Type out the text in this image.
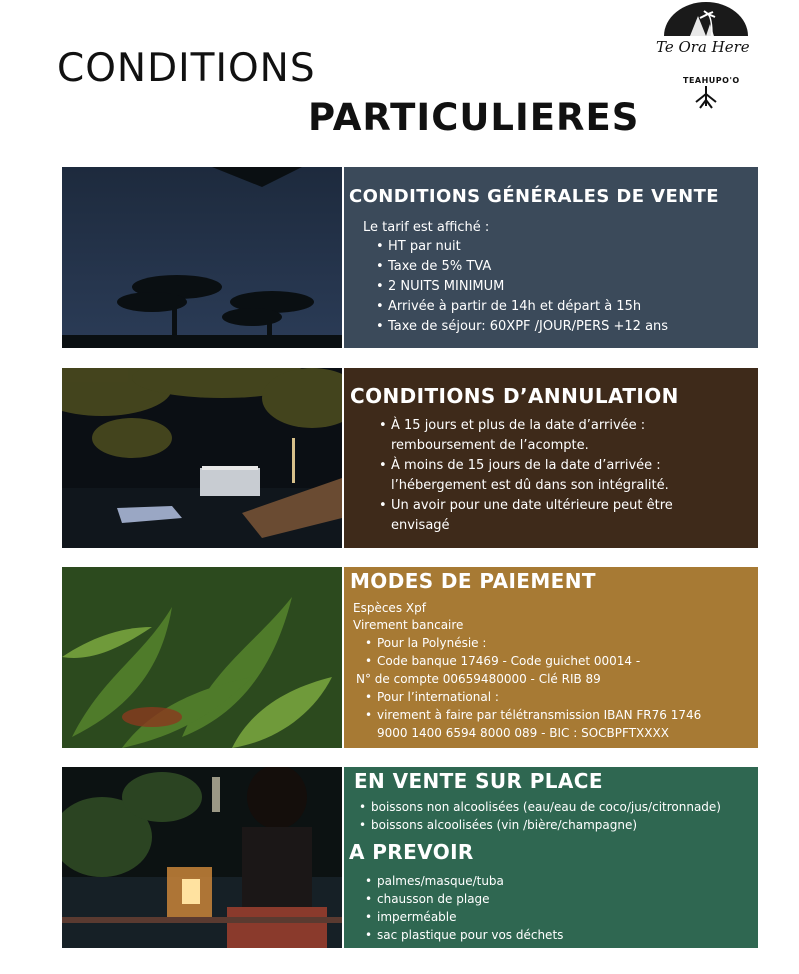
CONDITIONS
PARTICULIERES
Te Ora Here
TEAHUPO'O
CONDITIONS GÉNÉRALES DE VENTE
Le tarif est affiché :
• HT par nuit
• Taxe de 5% TVA
• 2 NUITS MINIMUM
• Arrivée à partir de 14h et départ à 15h
• Taxe de séjour: 60XPF /JOUR/PERS +12 ans
CONDITIONS D’ANNULATION
• À 15 jours et plus de la date d’arrivée : remboursement de l’acompte.
• À moins de 15 jours de la date d’arrivée : l’hébergement est dû dans son intégralité.
• Un avoir pour une date ultérieure peut être envisagé
MODES DE PAIEMENT
Espèces Xpf
Virement bancaire
• Pour la Polynésie :
• Code banque 17469 - Code guichet 00014 -
N° de compte 00659480000 - Clé RIB 89
• Pour l’international :
• virement à faire par télétransmission IBAN FR76 1746 9000 1400 6594 8000 089 - BIC : SOCBPFTXXXX
EN VENTE SUR PLACE
• boissons non alcoolisées (eau/eau de coco/jus/citronnade)
• boissons alcoolisées (vin /bière/champagne)
A PREVOIR
• palmes/masque/tuba
• chausson de plage
• imperméable
• sac plastique pour vos déchets
